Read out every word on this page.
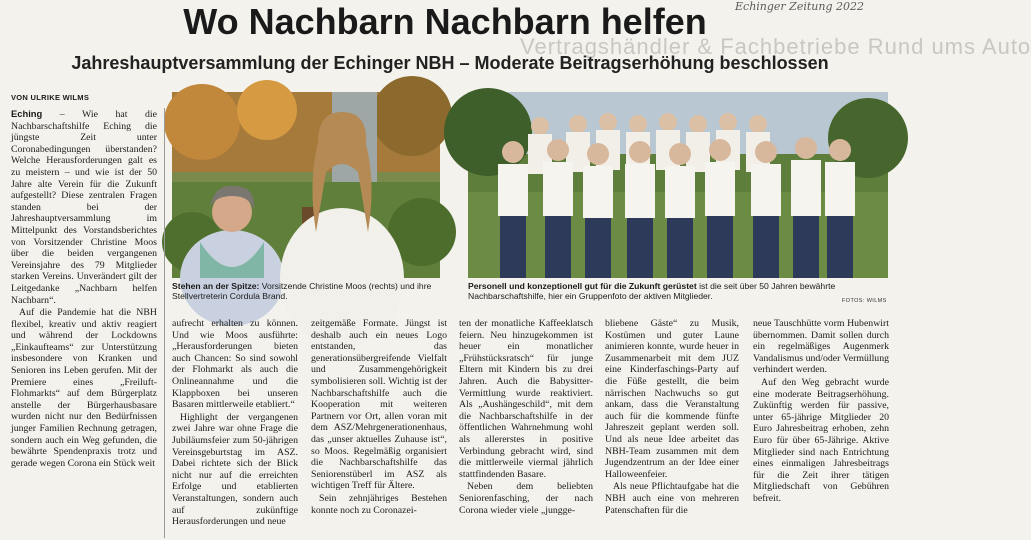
Vertragshändler & Fachbetriebe Rund ums Auto
Echinger Zeitung 2022
Wo Nachbarn Nachbarn helfen
Jahreshauptversammlung der Echinger NBH – Moderate Beitragserhöhung beschlossen
VON ULRIKE WILMS
Stehen an der Spitze: Vorsitzende Christine Moos (rechts) und ihre Stellvertreterin Cordula Brand.
Personell und konzeptionell gut für die Zukunft gerüstet ist die seit über 50 Jahren bewährte Nachbarschaftshilfe, hier ein Gruppenfoto der aktiven Mitglieder.	FOTOS: WILMS

Eching – Wie hat die Nachbarschaftshilfe Eching die jüngste Zeit unter Coronabedingungen überstanden? Welche Herausforderungen galt es zu meistern – und wie ist der 50 Jahre alte Verein für die Zukunft aufgestellt? Diese zentralen Fragen standen bei der Jahreshauptversammlung im Mittelpunkt des Vorstandsberichtes von Vorsitzender Christine Moos über die beiden vergangenen Vereinsjahre des 79 Mitglieder starken Vereins. Unverändert gilt der Leitgedanke „Nachbarn helfen Nachbarn“.

Auf die Pandemie hat die NBH flexibel, kreativ und aktiv reagiert und während der Lockdowns „Einkaufteams“ zur Unterstützung insbesondere von Kranken und Senioren ins Leben gerufen. Mit der Premiere eines „Freiluft-Flohmarkts“ auf dem Bürgerplatz anstelle der Bürgerhausbasare wurden nicht nur den Bedürfnissen junger Familien Rechnung getragen, sondern auch ein Weg gefunden, die bewährte Spendenpraxis trotz und gerade wegen Corona ein Stück weit

aufrecht erhalten zu können. Und wie Moos ausführte: „Herausforderungen bieten auch Chancen: So sind sowohl der Flohmarkt als auch die Onlineannahme und die Klappboxen bei unseren Basaren mittlerweile etabliert.“

Highlight der vergangenen zwei Jahre war ohne Frage die Jubiläumsfeier zum 50-jährigen Vereinsgeburtstag im ASZ. Dabei richtete sich der Blick nicht nur auf die erreichten Erfolge und etablierten Veranstaltungen, sondern auch auf zukünftige Herausforderungen und neue

zeitgemäße Formate. Jüngst ist deshalb auch ein neues Logo entstanden, das generationsübergreifende Vielfalt und Zusammengehörigkeit symbolisieren soll. Wichtig ist der Nachbarschaftshilfe auch die Kooperation mit weiteren Partnern vor Ort, allen voran mit dem ASZ/Mehrgenerationenhaus, das „unser aktuelles Zuhause ist“, so Moos. Regelmäßig organisiert die Nachbarschaftshilfe das Seniorenstüberl im ASZ als wichtigen Treff für Ältere.

Sein zehnjähriges Bestehen konnte noch zu Coronazei-

ten der monatliche Kaffeeklatsch feiern. Neu hinzugekommen ist heuer ein monatlicher „Frühstücksratsch“ für junge Eltern mit Kindern bis zu drei Jahren. Auch die Babysitter-Vermittlung wurde reaktiviert. Als „Aushängeschild“, mit dem die Nachbarschaftshilfe in der öffentlichen Wahrnehmung wohl als allererstes in positive Verbindung gebracht wird, sind die mittlerweile viermal jährlich stattfindenden Basare.

Neben dem beliebten Seniorenfasching, der nach Corona wieder viele „jungge-

bliebene Gäste“ zu Musik, Kostümen und guter Laune animieren konnte, wurde heuer in Zusammenarbeit mit dem JUZ eine Kinderfaschings-Party auf die Füße gestellt, die beim närrischen Nachwuchs so gut ankam, dass die Veranstaltung auch für die kommende fünfte Jahreszeit geplant werden soll. Und als neue Idee arbeitet das NBH-Team zusammen mit dem Jugendzentrum an der Idee einer Halloweenfeier.

Als neue Pflichtaufgabe hat die NBH auch eine von mehreren Patenschaften für die

neue Tauschhütte vorm Hubenwirt übernommen. Damit sollen durch ein regelmäßiges Augenmerk Vandalismus und/oder Vermüllung verhindert werden.

Auf den Weg gebracht wurde eine moderate Beitragserhöhung. Zukünftig werden für passive, unter 65-jährige Mitglieder 20 Euro Jahresbeitrag erhoben, zehn Euro für über 65-Jährige. Aktive Mitglieder sind nach Entrichtung eines einmaligen Jahresbeitrags für die Zeit ihrer tätigen Mitgliedschaft von Gebühren befreit.
